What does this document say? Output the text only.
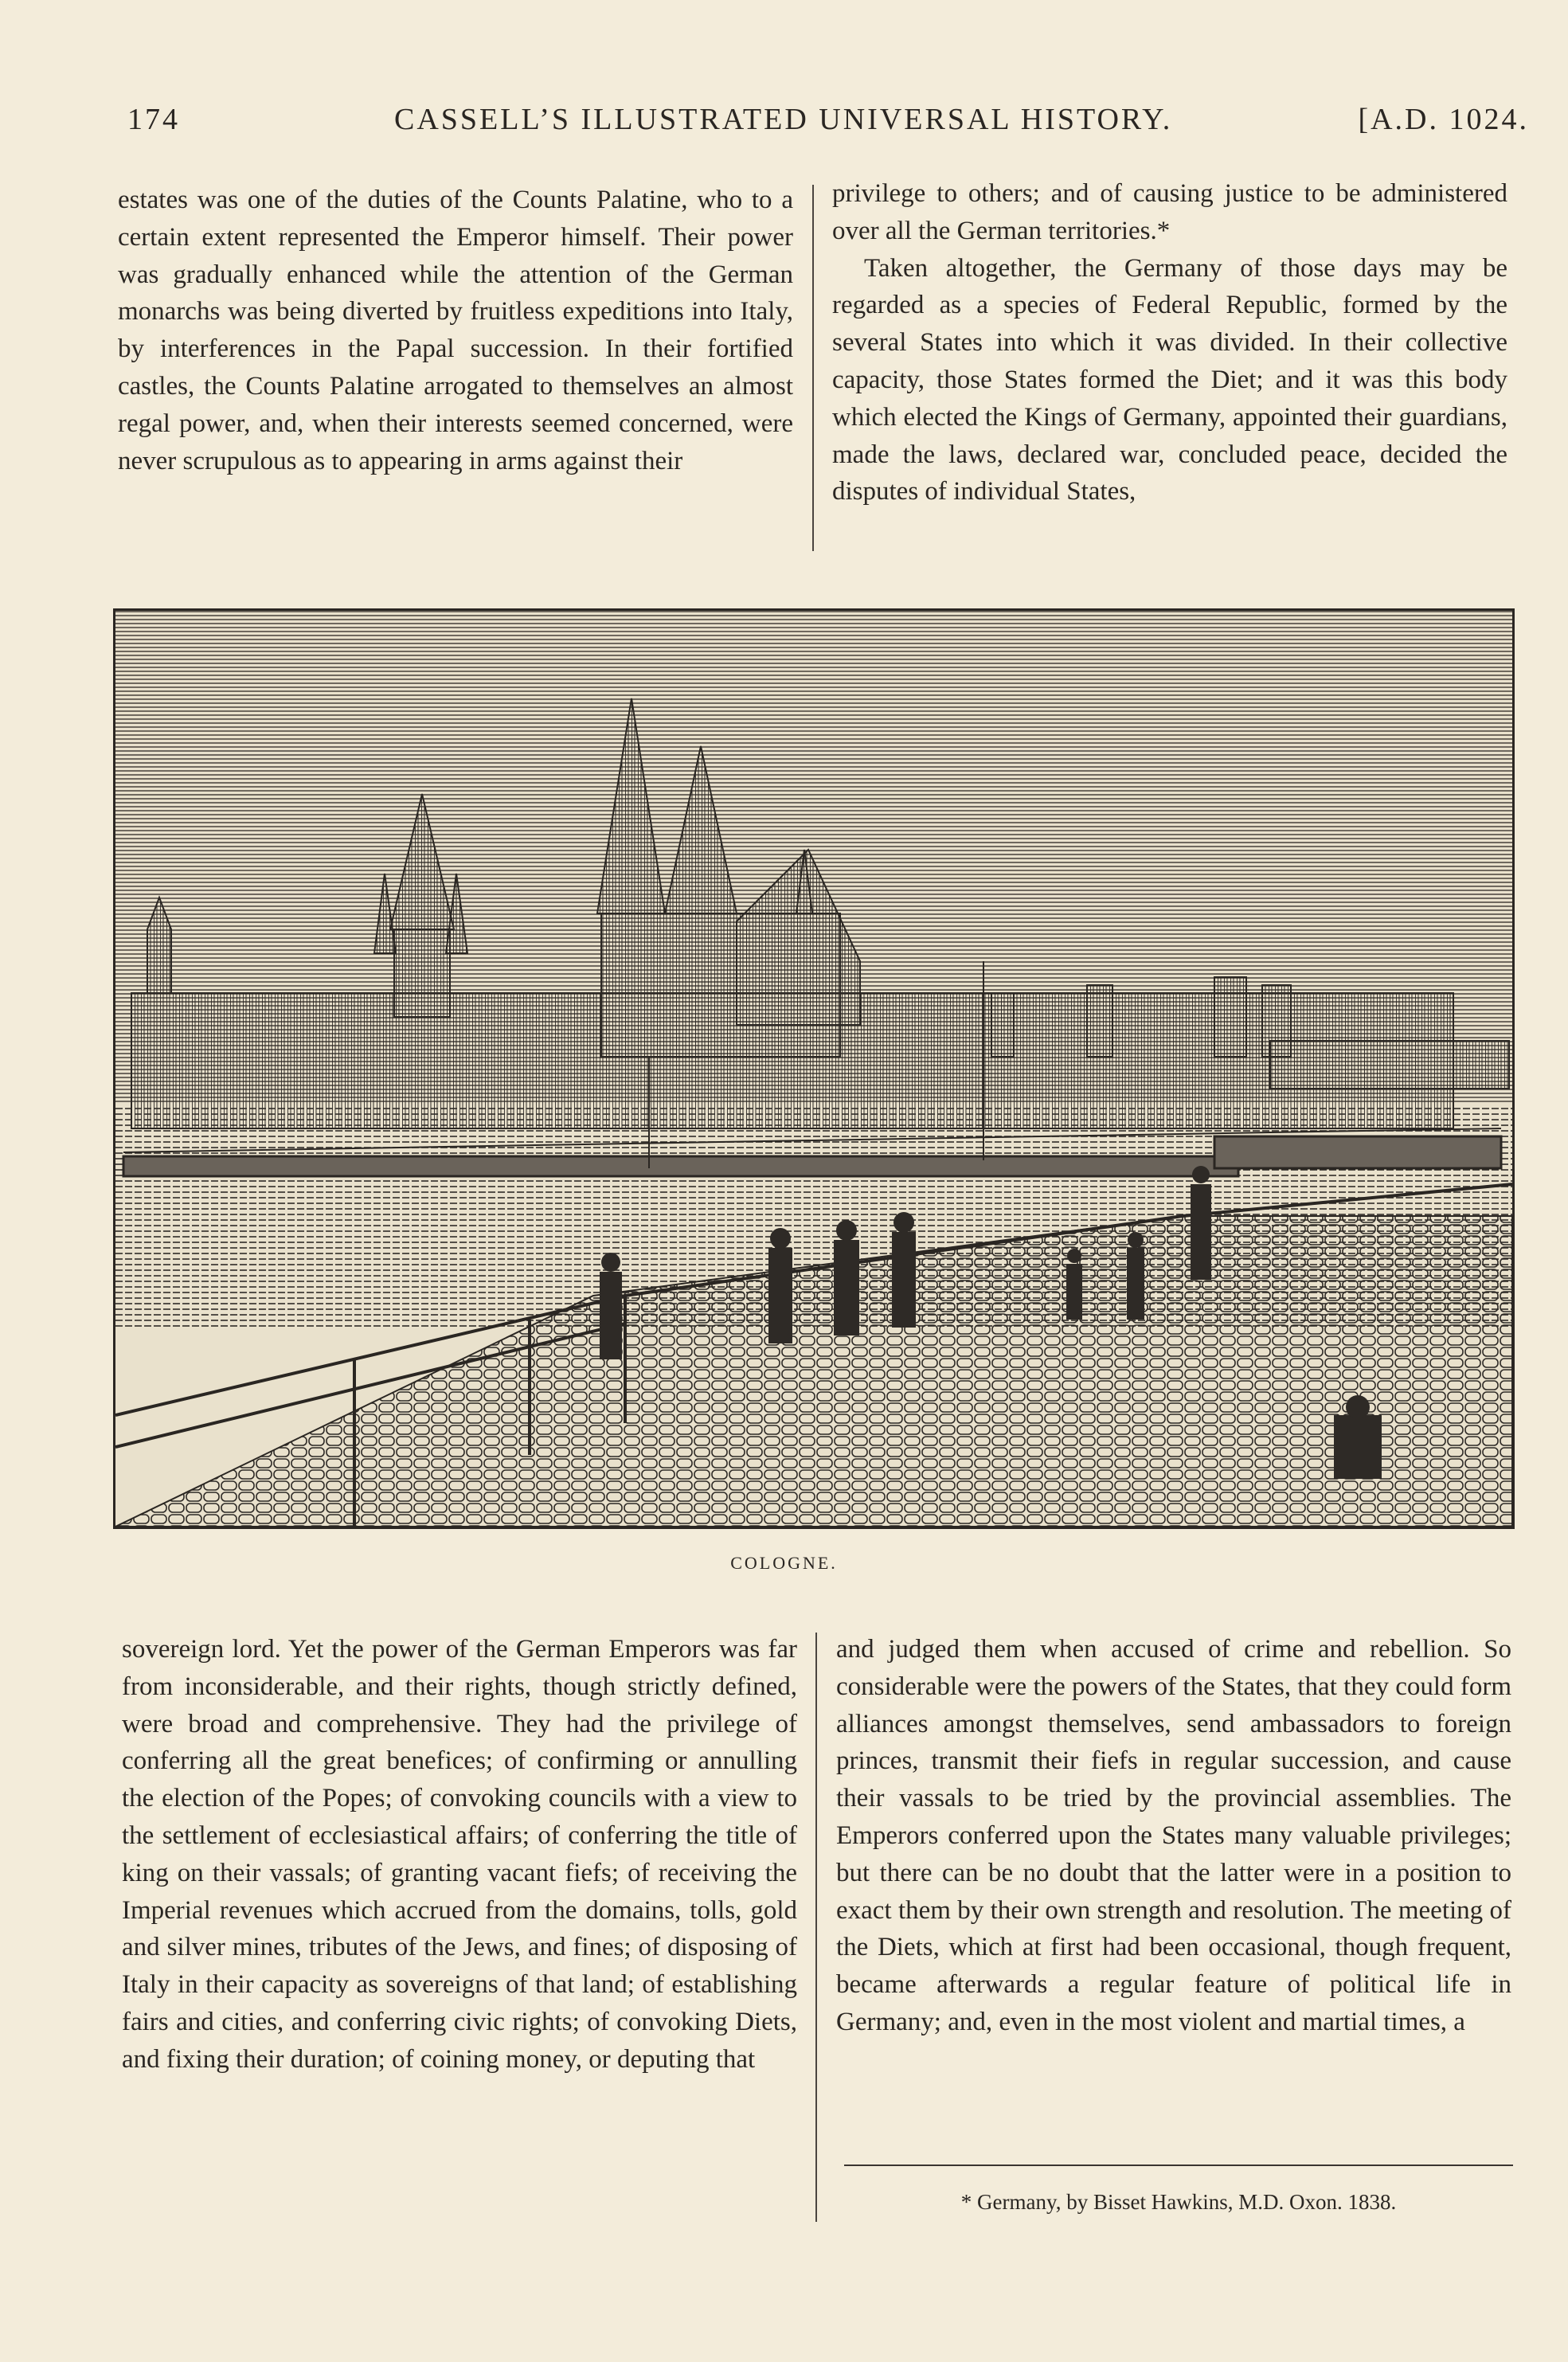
174	CASSELL’S ILLUSTRATED UNIVERSAL HISTORY.	[A.D. 1024.

estates was one of the duties of the Counts Palatine, who to a certain extent represented the Emperor himself. Their power was gradually enhanced while the attention of the German monarchs was being diverted by fruitless expeditions into Italy, by interferences in the Papal succession. In their fortified castles, the Counts Palatine arrogated to themselves an almost regal power, and, when their interests seemed concerned, were never scrupulous as to appearing in arms against their

privilege to others; and of causing justice to be administered over all the German territories.*

Taken altogether, the Germany of those days may be regarded as a species of Federal Republic, formed by the several States into which it was divided. In their collective capacity, those States formed the Diet; and it was this body which elected the Kings of Germany, appointed their guardians, made the laws, declared war, concluded peace, decided the disputes of individual States,

COLOGNE.

sovereign lord. Yet the power of the German Emperors was far from inconsiderable, and their rights, though strictly defined, were broad and comprehensive. They had the privilege of conferring all the great benefices; of confirming or annulling the election of the Popes; of convoking councils with a view to the settlement of ecclesiastical affairs; of conferring the title of king on their vassals; of granting vacant fiefs; of receiving the Imperial revenues which accrued from the domains, tolls, gold and silver mines, tributes of the Jews, and fines; of disposing of Italy in their capacity as sovereigns of that land; of establishing fairs and cities, and conferring civic rights; of convoking Diets, and fixing their duration; of coining money, or deputing that

and judged them when accused of crime and rebellion. So considerable were the powers of the States, that they could form alliances amongst themselves, send ambassadors to foreign princes, transmit their fiefs in regular succession, and cause their vassals to be tried by the provincial assemblies. The Emperors conferred upon the States many valuable privileges; but there can be no doubt that the latter were in a position to exact them by their own strength and resolution. The meeting of the Diets, which at first had been occasional, though frequent, became afterwards a regular feature of political life in Germany; and, even in the most violent and martial times, a

* Germany, by Bisset Hawkins, M.D. Oxon. 1838.
